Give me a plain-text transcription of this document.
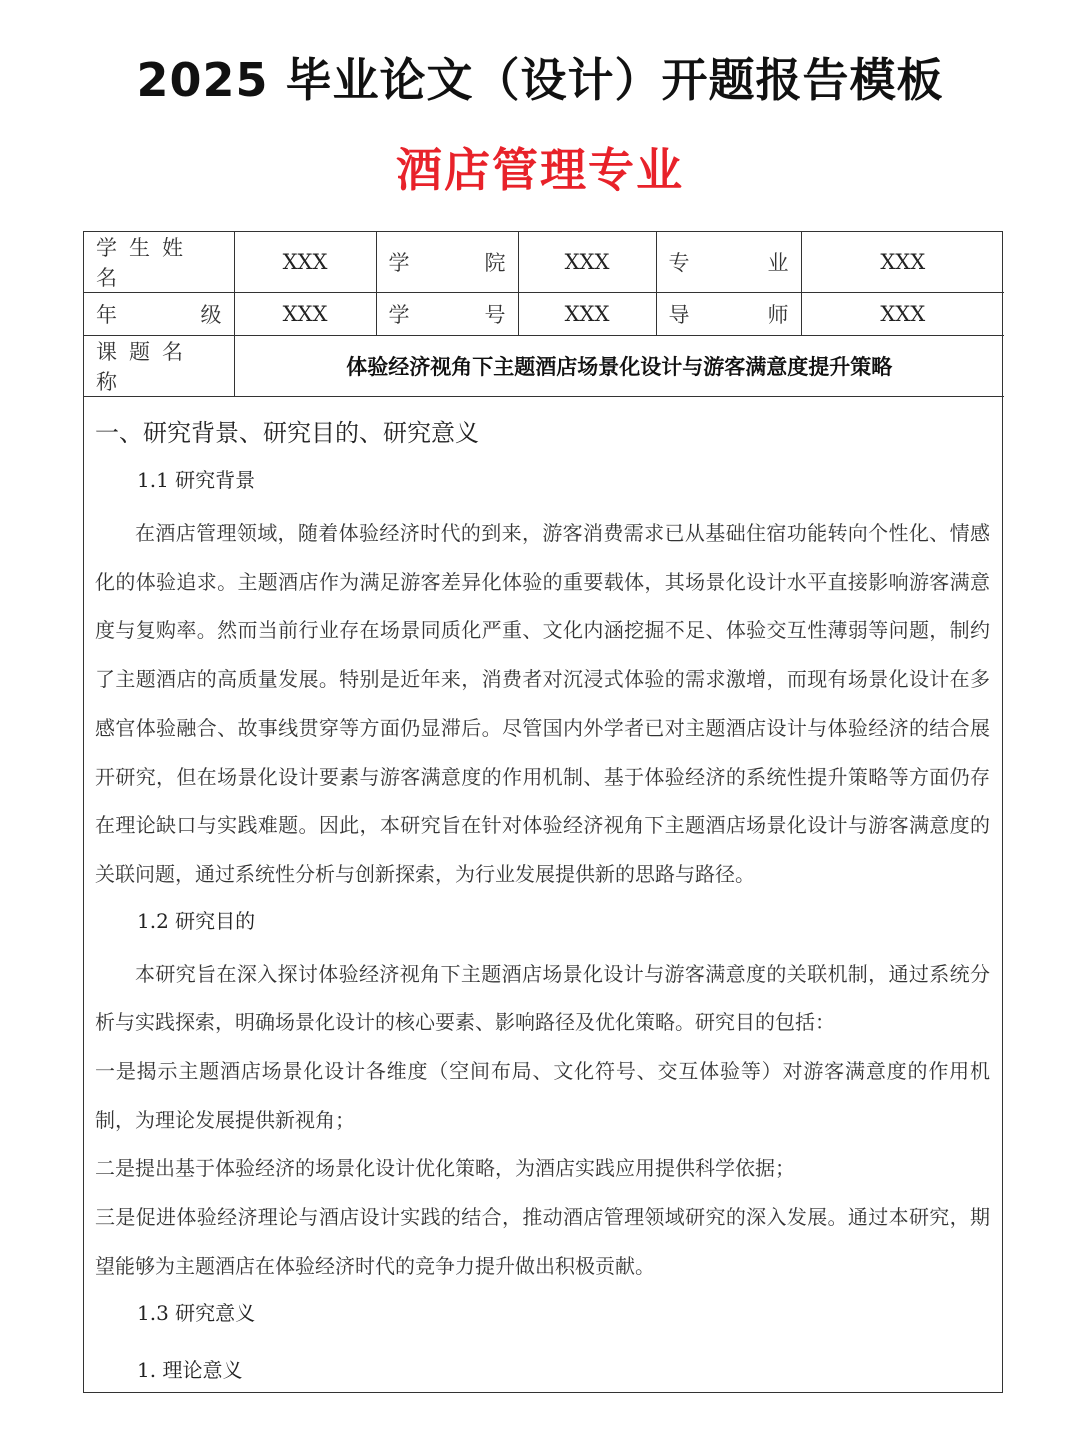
2025 毕业论文（设计）开题报告模板
酒店管理专业
学生姓名	XXX	学 院	XXX	专 业	XXX

年 级	XXX	学 号	XXX	导 师	XXX
课题名称	体验经济视角下主题酒店场景化设计与游客满意度提升策略				
一、研究背景、研究目的、研究意义
1.1 研究背景

在酒店管理领域，随着体验经济时代的到来，游客消费需求已从基础住宿功能转向个性化、情感化的体验追求。主题酒店作为满足游客差异化体验的重要载体，其场景化设计水平直接影响游客满意度与复购率。然而当前行业存在场景同质化严重、文化内涵挖掘不足、体验交互性薄弱等问题，制约了主题酒店的高质量发展。特别是近年来，消费者对沉浸式体验的需求激增，而现有场景化设计在多感官体验融合、故事线贯穿等方面仍显滞后。尽管国内外学者已对主题酒店设计与体验经济的结合展开研究，但在场景化设计要素与游客满意度的作用机制、基于体验经济的系统性提升策略等方面仍存在理论缺口与实践难题。因此，本研究旨在针对体验经济视角下主题酒店场景化设计与游客满意度的关联问题，通过系统性分析与创新探索，为行业发展提供新的思路与路径。

1.2 研究目的

本研究旨在深入探讨体验经济视角下主题酒店场景化设计与游客满意度的关联机制，通过系统分析与实践探索，明确场景化设计的核心要素、影响路径及优化策略。研究目的包括：

一是揭示主题酒店场景化设计各维度（空间布局、文化符号、交互体验等）对游客满意度的作用机制，为理论发展提供新视角；

二是提出基于体验经济的场景化设计优化策略，为酒店实践应用提供科学依据；

三是促进体验经济理论与酒店设计实践的结合，推动酒店管理领域研究的深入发展。通过本研究，期望能够为主题酒店在体验经济时代的竞争力提升做出积极贡献。

1.3 研究意义
1. 理论意义
